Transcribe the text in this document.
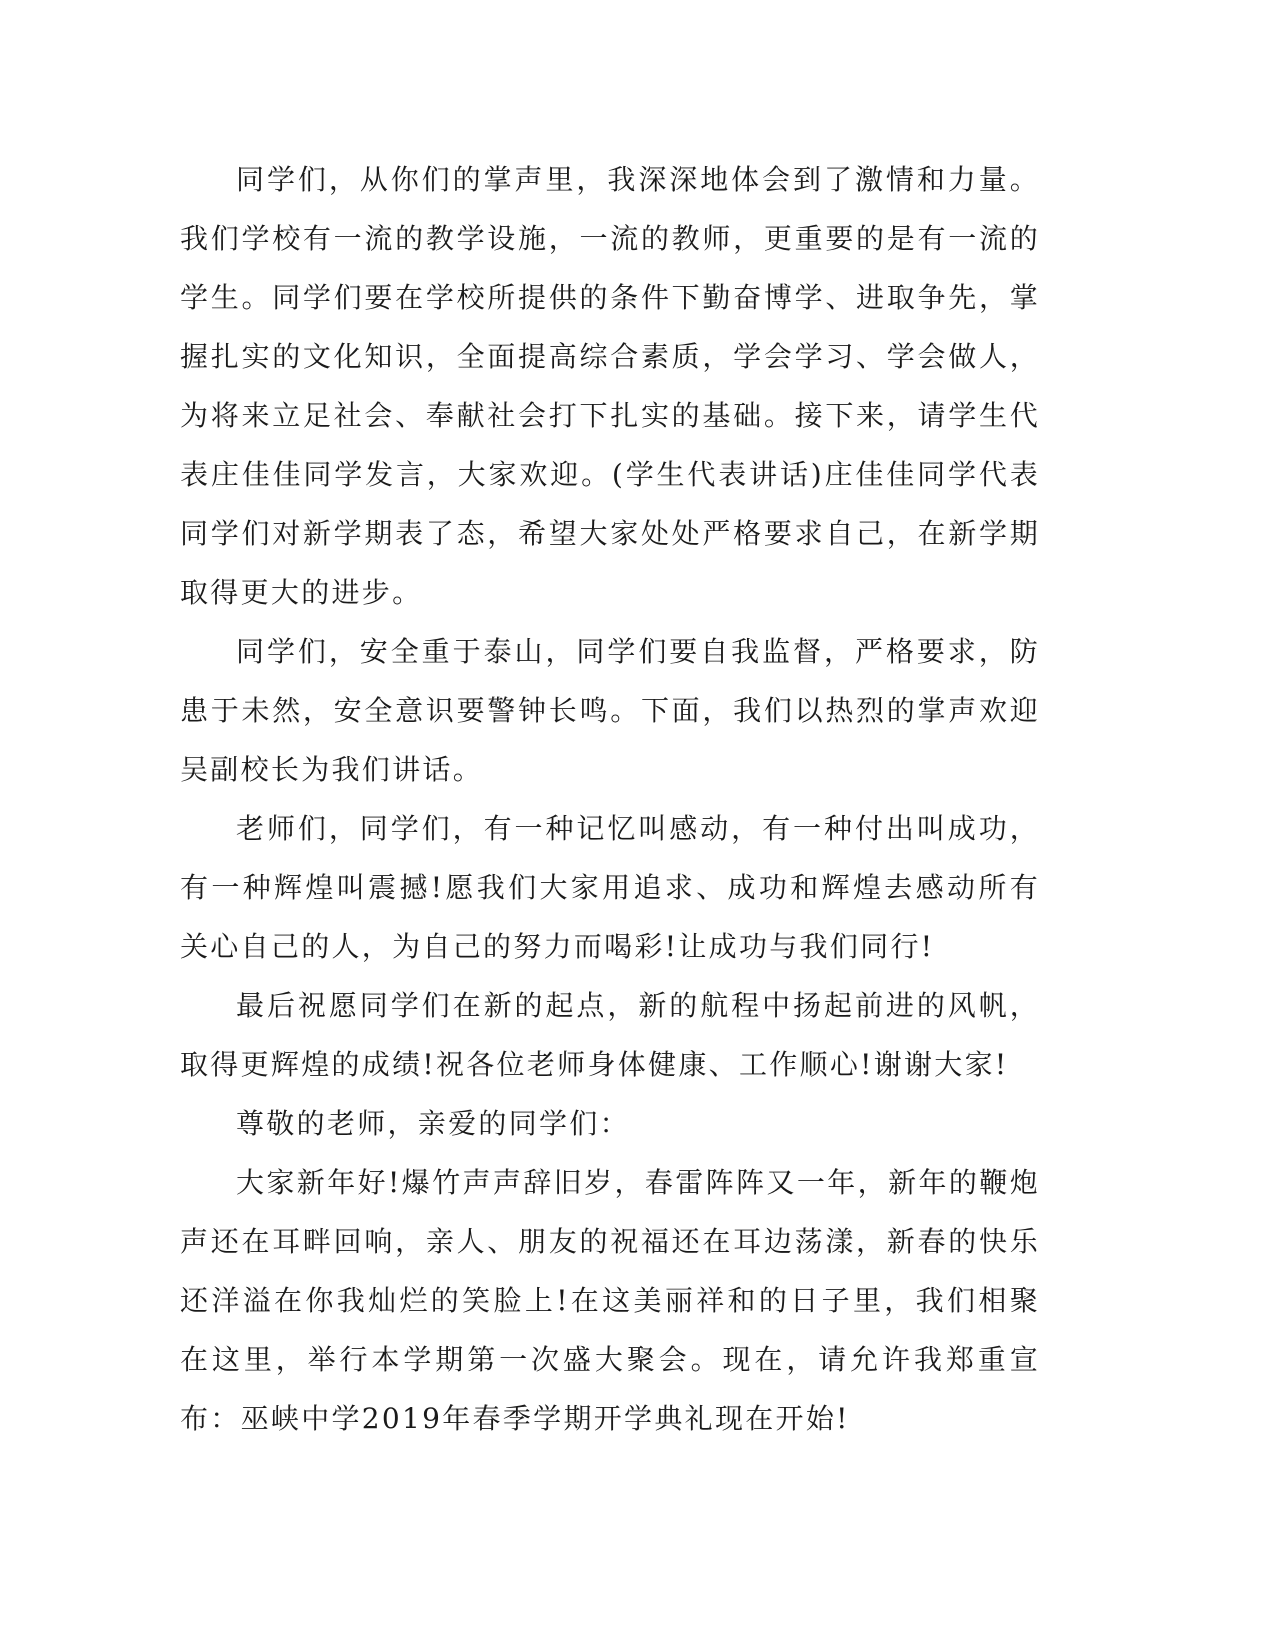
同学们，从你们的掌声里，我深深地体会到了激情和力量。我们学校有一流的教学设施，一流的教师，更重要的是有一流的学生。同学们要在学校所提供的条件下勤奋博学、进取争先，掌握扎实的文化知识，全面提高综合素质，学会学习、学会做人，为将来立足社会、奉献社会打下扎实的基础。接下来，请学生代表庄佳佳同学发言，大家欢迎。(学生代表讲话)庄佳佳同学代表同学们对新学期表了态，希望大家处处严格要求自己，在新学期取得更大的进步。

同学们，安全重于泰山，同学们要自我监督，严格要求，防患于未然，安全意识要警钟长鸣。下面，我们以热烈的掌声欢迎吴副校长为我们讲话。

老师们，同学们，有一种记忆叫感动，有一种付出叫成功，有一种辉煌叫震撼!愿我们大家用追求、成功和辉煌去感动所有关心自己的人，为自己的努力而喝彩!让成功与我们同行!

最后祝愿同学们在新的起点，新的航程中扬起前进的风帆，取得更辉煌的成绩!祝各位老师身体健康、工作顺心!谢谢大家!

尊敬的老师，亲爱的同学们：

大家新年好!爆竹声声辞旧岁，春雷阵阵又一年，新年的鞭炮声还在耳畔回响，亲人、朋友的祝福还在耳边荡漾，新春的快乐还洋溢在你我灿烂的笑脸上!在这美丽祥和的日子里，我们相聚在这里，举行本学期第一次盛大聚会。现在，请允许我郑重宣布：巫峡中学2019年春季学期开学典礼现在开始!
